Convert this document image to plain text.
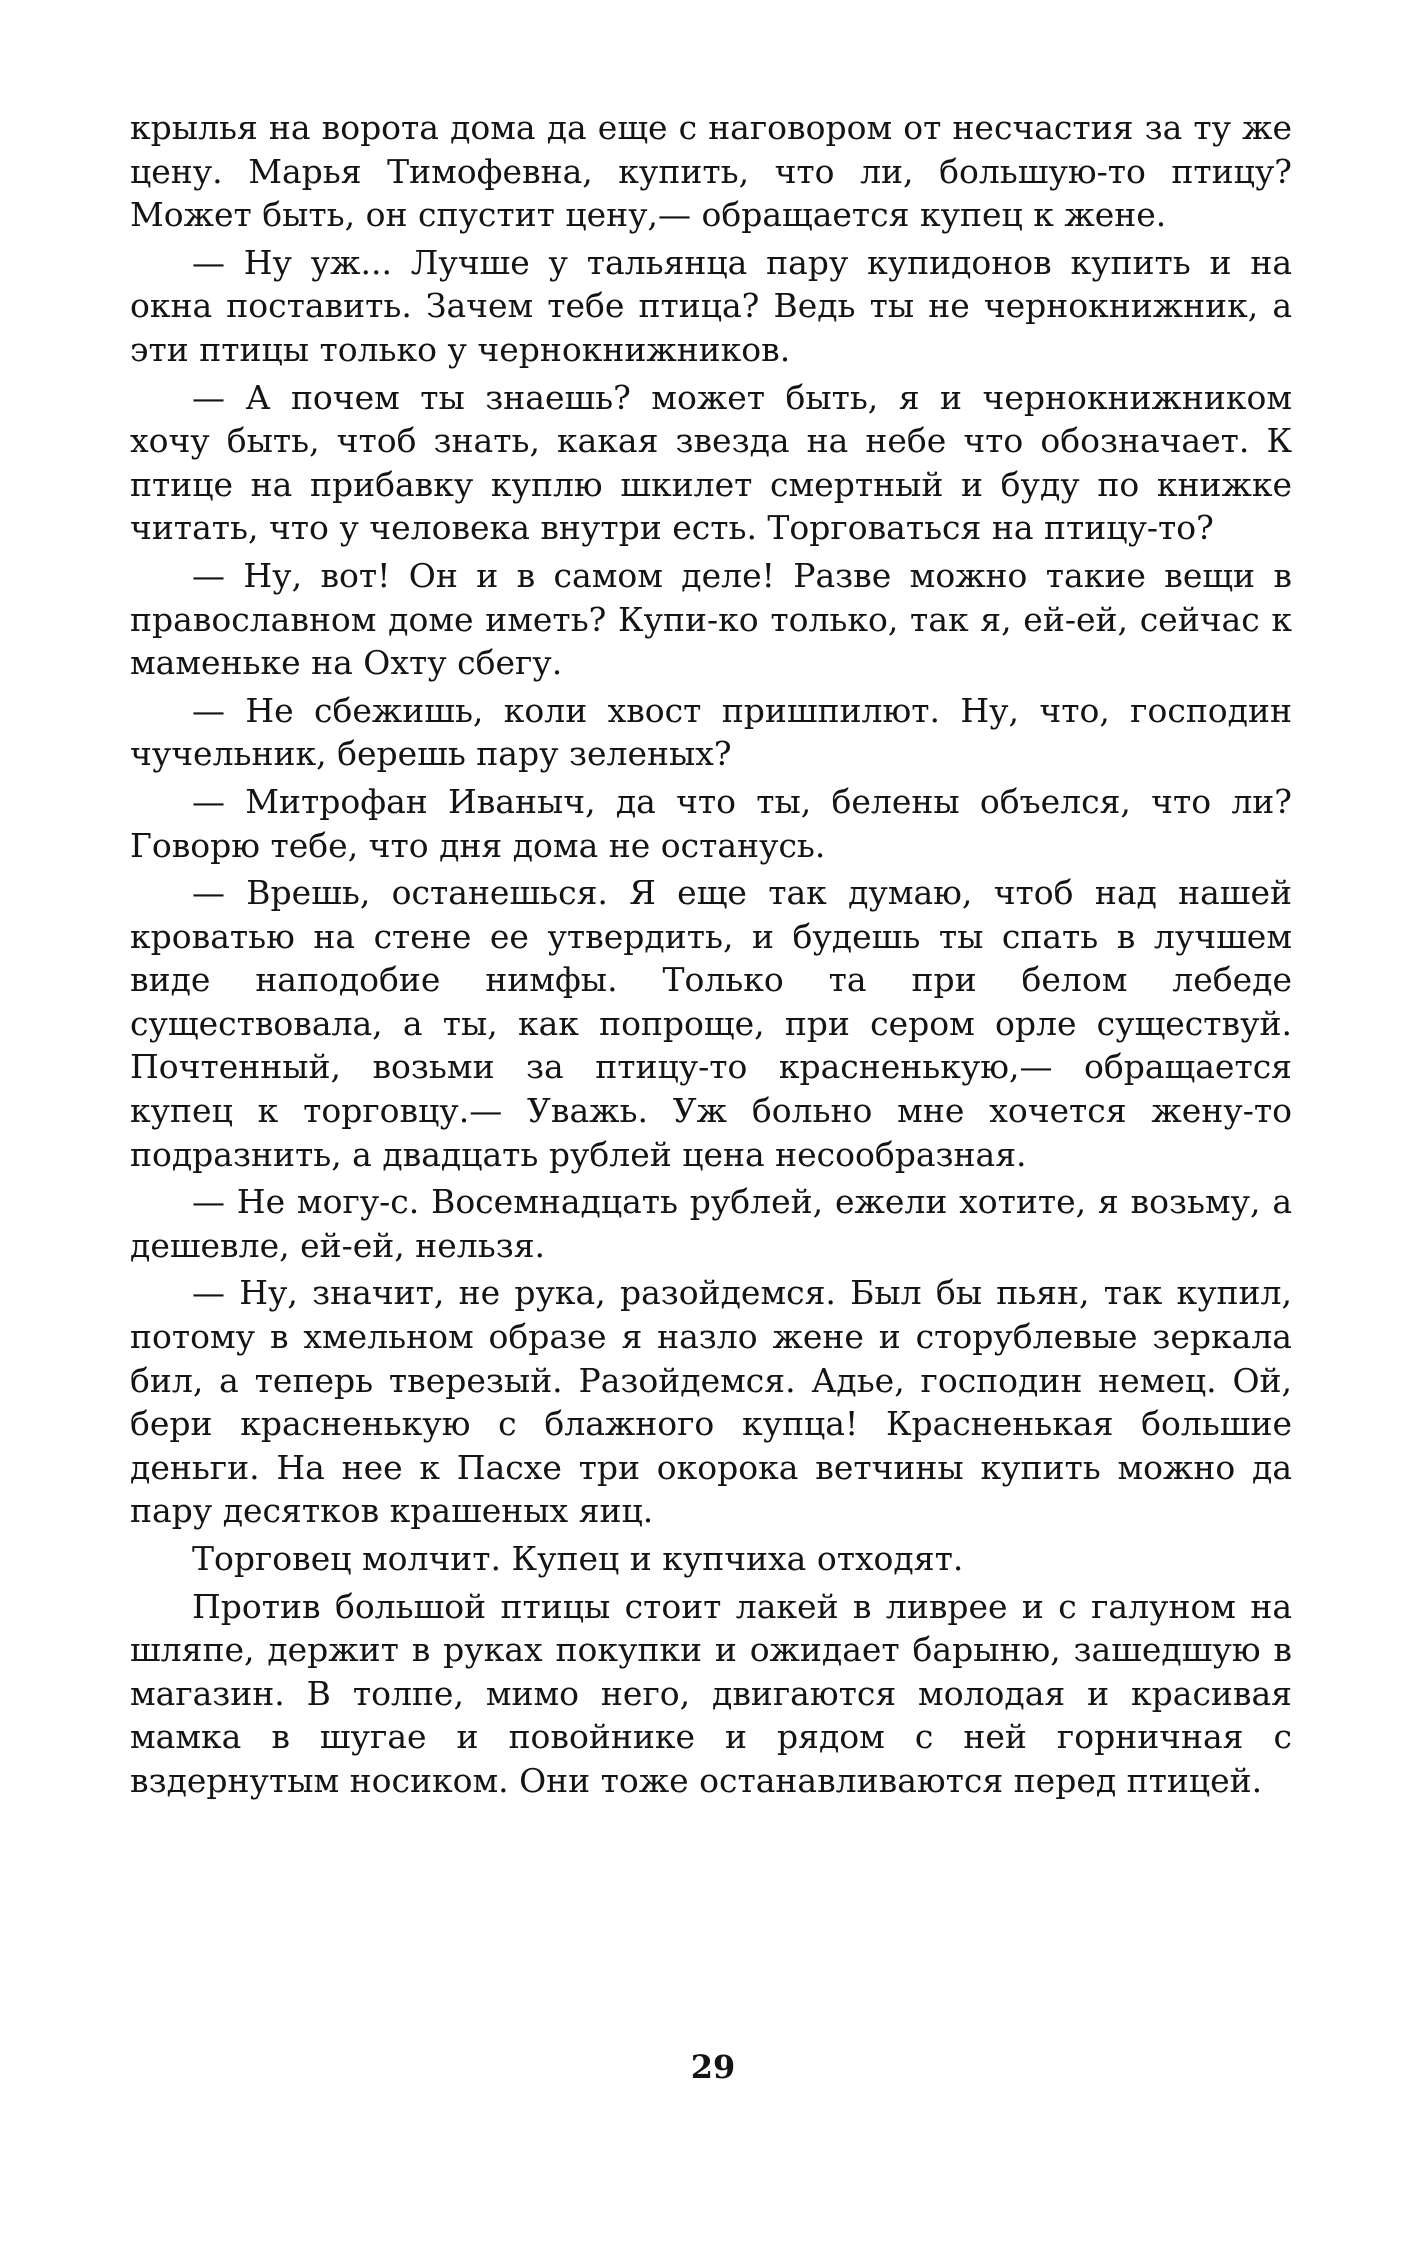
крылья на ворота дома да еще с наговором от несчастия за ту же цену. Марья Тимофевна, купить, что ли, большую-то птицу? Может быть, он спустит цену,— обращается купец к жене.

— Ну уж... Лучше у тальянца пару купидонов купить и на окна поставить. Зачем тебе птица? Ведь ты не чернокнижник, а эти птицы только у чернокнижников.

— А почем ты знаешь? может быть, я и чернокнижником хочу быть, чтоб знать, какая звезда на небе что обозначает. К птице на прибавку куплю шкилет смертный и буду по книжке читать, что у человека внутри есть. Торговаться на птицу-то?

— Ну, вот! Он и в самом деле! Разве можно такие вещи в православном доме иметь? Купи-ко только, так я, ей-ей, сейчас к маменьке на Охту сбегу.

— Не сбежишь, коли хвост пришпилют. Ну, что, господин чучельник, берешь пару зеленых?

— Митрофан Иваныч, да что ты, белены объелся, что ли? Говорю тебе, что дня дома не останусь.

— Врешь, останешься. Я еще так думаю, чтоб над нашей кроватью на стене ее утвердить, и будешь ты спать в лучшем виде наподобие нимфы. Только та при белом лебеде существовала, а ты, как попроще, при сером орле существуй. Почтенный, возьми за птицу-то красненькую,— обращается купец к торговцу.— Уважь. Уж больно мне хочется жену-то подразнить, а двадцать рублей цена несообразная.

— Не могу-с. Восемнадцать рублей, ежели хотите, я возьму, а дешевле, ей-ей, нельзя.

— Ну, значит, не рука, разойдемся. Был бы пьян, так купил, потому в хмельном образе я назло жене и сторублевые зеркала бил, а теперь тверезый. Разойдемся. Адье, господин немец. Ой, бери красненькую с блажного купца! Красненькая большие деньги. На нее к Пасхе три окорока ветчины купить можно да пару десятков крашеных яиц.

Торговец молчит. Купец и купчиха отходят.

Против большой птицы стоит лакей в ливрее и с галуном на шляпе, держит в руках покупки и ожидает барыню, зашедшую в магазин. В толпе, мимо него, двигаются молодая и красивая мамка в шугае и повойнике и рядом с ней горничная с вздернутым носиком. Они тоже останавливаются перед птицей.

29
